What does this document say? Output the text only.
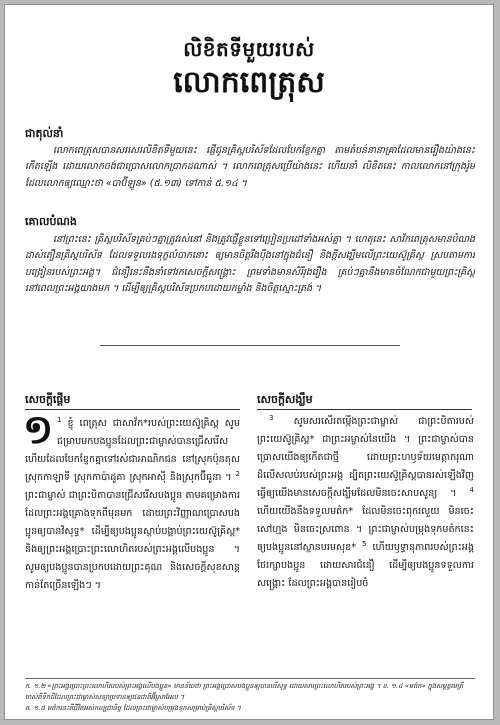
លិខិតទីមួយរបស់
លោកពេត្រុស
ជាតុល់នាំ

លោកពេត្រុសបានសរសេរលិខិតទីមួយនេះ ផ្ញើជូនគ្រិស្តបរិស័ទដែលបែកខ្ញែកគ្នា តាមតំបន់នានាគ្រាដែលមានរឿងយ៉ាងនេះកើតឡើង ដោយលោកចង់ជាប្រោសលោកប្រាកដណាស់ ។ លោកពេត្រុសប្រើយ៉ាងនេះ ហើយនាំ លិខិតនេះ កាលលោកនៅក្រុងរ៉ូម ដែលលោកឲ្យឈ្មោះថា «បាប៊ីឡូន» (៥.១៣) ទៅកាន់ ៥.១៤ ។

គោលបំណង

នៅព្រះនេះ គ្រិស្តបរិស័ទគ្រប់ៗគ្នាត្រូវរស់នៅ និងត្រូវផ្ញើខ្លួនទៅប្រៀនប្រដៅទាំងអស់គ្នា ។ ហេតុនេះ សាវ័កពេត្រុសមានបំណងដាស់តឿនគ្រិស្តបរិស័ទ ដែលទទួលរងទុក្ខលំបាកនោះ ឲ្យមានចិត្តរឹងប៉ឹងនៅក្នុងជំនឿ និងក្ដីសង្ឃឹមលើព្រះយេស៊ូគ្រិស្ត ស្របតាមការបង្រៀនរបស់ព្រះអង្គ។ ជំនឿនេះនឹងនាំទៅរកសេចក្ដីសង្គ្រោះ ព្រមទាំងមានសិរីរុងរឿង គ្រប់ៗគ្នានឹងមានចំណែកជាមួយព្រះគ្រិស្តនៅពេលព្រះអង្គយាងមក ។ ដើម្បីឲ្យគ្រិស្តបរិស័ទប្រកបដោយកម្លាំង និងចិត្តស្មោះត្រង់ ។

សេចក្ដីផ្ដើម
១ $^1$ ខ្ញុំ ពេត្រុស ជាសាវ័ក*របស់ព្រះយេស៊ូគ្រិស្ត សូមជម្រាបមកបងប្អូនដែលព្រះជាម្ចាស់បានជ្រើសរើស ហើយដែលបែកខ្ញែកគ្នាទៅរស់ជាអាណិកជន នៅស្រុកប៉ុនតុស ស្រុកកាឡាទី ស្រុកកាប៉ាដូគា ស្រុកអាស៊ី និងស្រុកប៊ីធូនា ។ $^2$ ព្រះជាម្ចាស់ ជាព្រះបិតាបានជ្រើសរើសបងប្អូន តាមគម្រោងការដែលព្រះអង្គគ្រោងទុកពីមុនមក ដោយព្រះវិញ្ញាណប្រោសបងប្អូនឲ្យបានវិសុទ្ធ* ដើម្បីឲ្យបងប្អូនស្ដាប់បង្គាប់ព្រះយេស៊ូគ្រិស្ត* និងឲ្យព្រះអង្គប្រោះព្រះលោហិតរបស់ព្រះអង្គលើបងប្អូន ។ សូមឲ្យបងប្អូនបានប្រកបដោយព្រះគុណ និងសេចក្ដីសុខសាន្តកាន់តែច្រើនឡើងៗ ។
សេចក្ដីសង្ឃឹម
$^3$ សូមសរសើរតម្កើងព្រះជាម្ចាស់ ជាព្រះបិតារបស់ព្រះយេស៊ូគ្រិស្ត* ជាព្រះអម្ចាស់នៃយើង ។ ព្រះជាម្ចាស់បានប្រោសយើងឲ្យកើតជាថ្មី ដោយព្រះហឫទ័យមេត្តាករុណាដ៏លើសលប់របស់ព្រះអង្គ ដ្បិតព្រះយេស៊ូគ្រិស្តបានរស់ឡើងវិញ ធ្វើឲ្យយើងមានសេចក្ដីសង្ឃឹមដែលមិនចេះសាបសូន្យ ។ $^4$ ហើយយើងនឹងទទួលមត៌ក* ដែលមិនចេះពុករលួយ មិនចេះសៅហ្មង មិនចេះស្រពោន ។ ព្រះជាម្ចាស់បម្រុងទុកមត៌កនេះឲ្យបងប្អូននៅស្ថានបរមសុខ* $^5$ ហើយឫទ្ធានុភាពរបស់ព្រះអង្គថែរក្សាបងប្អូន ដោយសារជំនឿ ដើម្បីឲ្យបងប្អូនទទួលការសង្គ្រោះ ដែលព្រះអង្គបានរៀបចំ

ក. ១.២ «ព្រះអង្គប្រោះព្រះលោហិតរបស់ព្រះអង្គលើបងប្អូន» មានន័យថា ព្រះអង្គប្រោសបងប្អូនឲ្យបានបរិសុទ្ធ ដោយសារព្រះលោហិតរបស់ព្រះអង្គ ។ ខ. ១.៤ «មត៌ក» ក្នុងសម្ពន្ធមេត្រីចាស់គឺទឹកដីដែលព្រះជាម្ចាស់សន្យាប្រទានឲ្យជនជាតិអ៊ីស្រាអែល ។

គ. ១.៥ មត៌កនេះគឺជីវិតអស់កល្បជានិច្ច ដែលព្រះជាម្ចាស់បម្រុងទុកសម្រាប់គ្រិស្តបរិស័ទ ។
